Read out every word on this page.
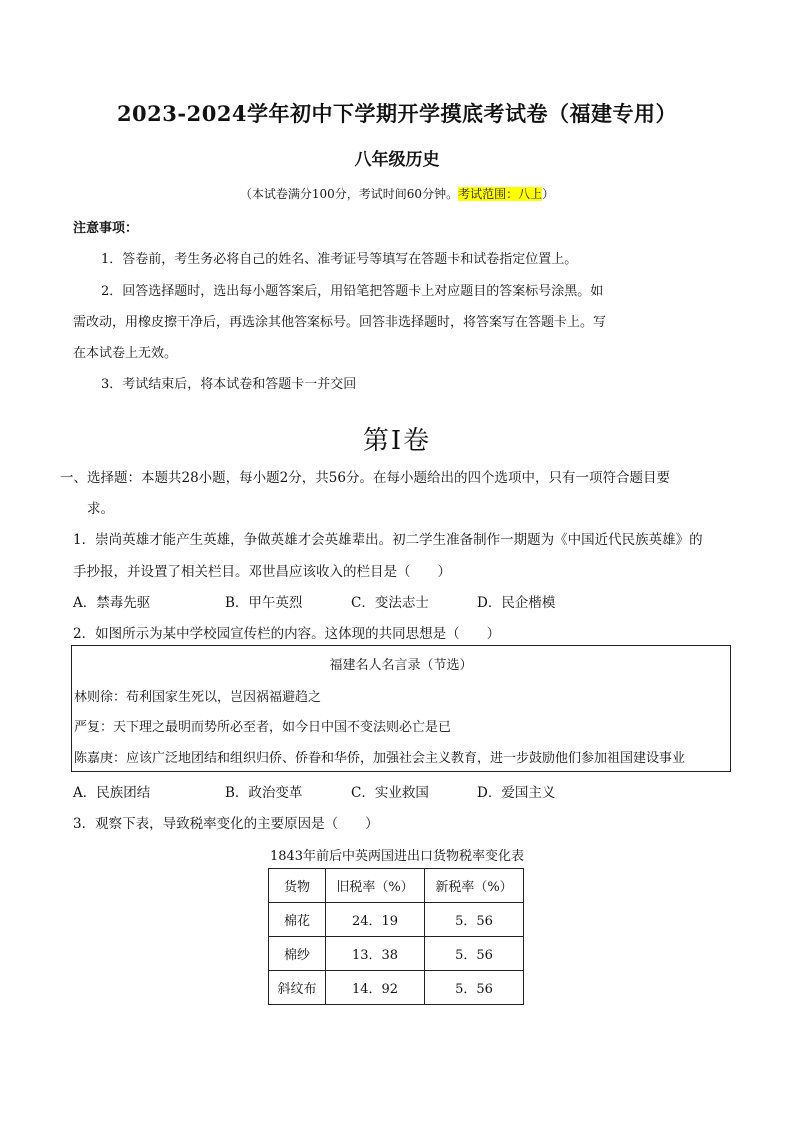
2023-2024学年初中下学期开学摸底考试卷（福建专用）
八年级历史
（本试卷满分100分，考试时间60分钟。考试范围：八上）
注意事项：
1．答卷前，考生务必将自己的姓名、准考证号等填写在答题卡和试卷指定位置上。
2．回答选择题时，选出每小题答案后，用铅笔把答题卡上对应题目的答案标号涂黑。如
需改动，用橡皮擦干净后，再选涂其他答案标号。回答非选择题时，将答案写在答题卡上。写
在本试卷上无效。
3．考试结束后，将本试卷和答题卡一并交回
第Ⅰ卷
一、选择题：本题共28小题，每小题2分，共56分。在每小题给出的四个选项中，只有一项符合题目要
求。
1．崇尚英雄才能产生英雄，争做英雄才会英雄辈出。初二学生准备制作一期题为《中国近代民族英雄》的
手抄报，并设置了相关栏目。邓世昌应该收入的栏目是（　　）
A．禁毒先驱	B．甲午英烈	C．变法志士	D．民企楷模
2．如图所示为某中学校园宣传栏的内容。这体现的共同思想是（　　）
福建名人名言录（节选）
林则徐：苟利国家生死以，岂因祸福避趋之
严复：天下理之最明而势所必至者，如今日中国不变法则必亡是已
陈嘉庚：应该广泛地团结和组织归侨、侨眷和华侨，加强社会主义教育，进一步鼓励他们参加祖国建设事业
A．民族团结	B．政治变革	C．实业救国	D．爱国主义
3．观察下表，导致税率变化的主要原因是（　　）
1843年前后中英两国进出口货物税率变化表
货物	旧税率（%）	新税率（%）
棉花	24．19	5．56
棉纱	13．38	5．56
斜纹布	14．92	5．56
